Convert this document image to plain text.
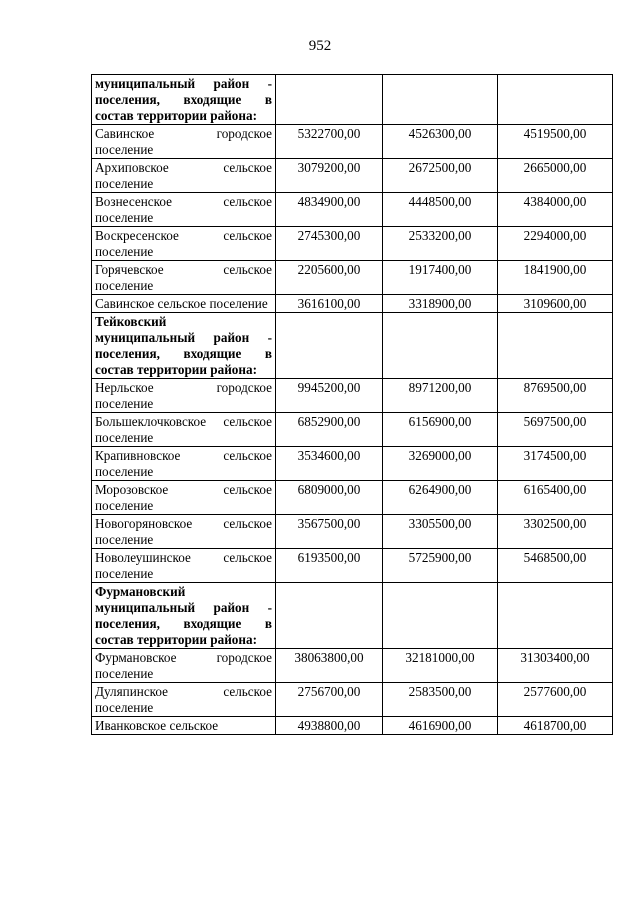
952
муниципальный район - поселения, входящие в состав территории района:			
Савинское городское поселение	5322700,00	4526300,00	4519500,00
Архиповское сельское поселение	3079200,00	2672500,00	2665000,00
Вознесенское сельское поселение	4834900,00	4448500,00	4384000,00
Воскресенское сельское поселение	2745300,00	2533200,00	2294000,00
Горячевское сельское поселение	2205600,00	1917400,00	1841900,00
Савинское сельское поселение	3616100,00	3318900,00	3109600,00

Тейковский
муниципальный район - поселения, входящие в состав территории района:			
Нерльское городское поселение	9945200,00	8971200,00	8769500,00
Большеклочковское сельское поселение	6852900,00	6156900,00	5697500,00
Крапивновское сельское поселение	3534600,00	3269000,00	3174500,00
Морозовское сельское поселение	6809000,00	6264900,00	6165400,00
Новогоряновское сельское поселение	3567500,00	3305500,00	3302500,00
Новолеушинское сельское поселение	6193500,00	5725900,00	5468500,00

Фурмановский
муниципальный район - поселения, входящие в состав территории района:			
Фурмановское городское поселение	38063800,00	32181000,00	31303400,00
Дуляпинское сельское поселение	2756700,00	2583500,00	2577600,00
Иванковское сельское	4938800,00	4616900,00	4618700,00
